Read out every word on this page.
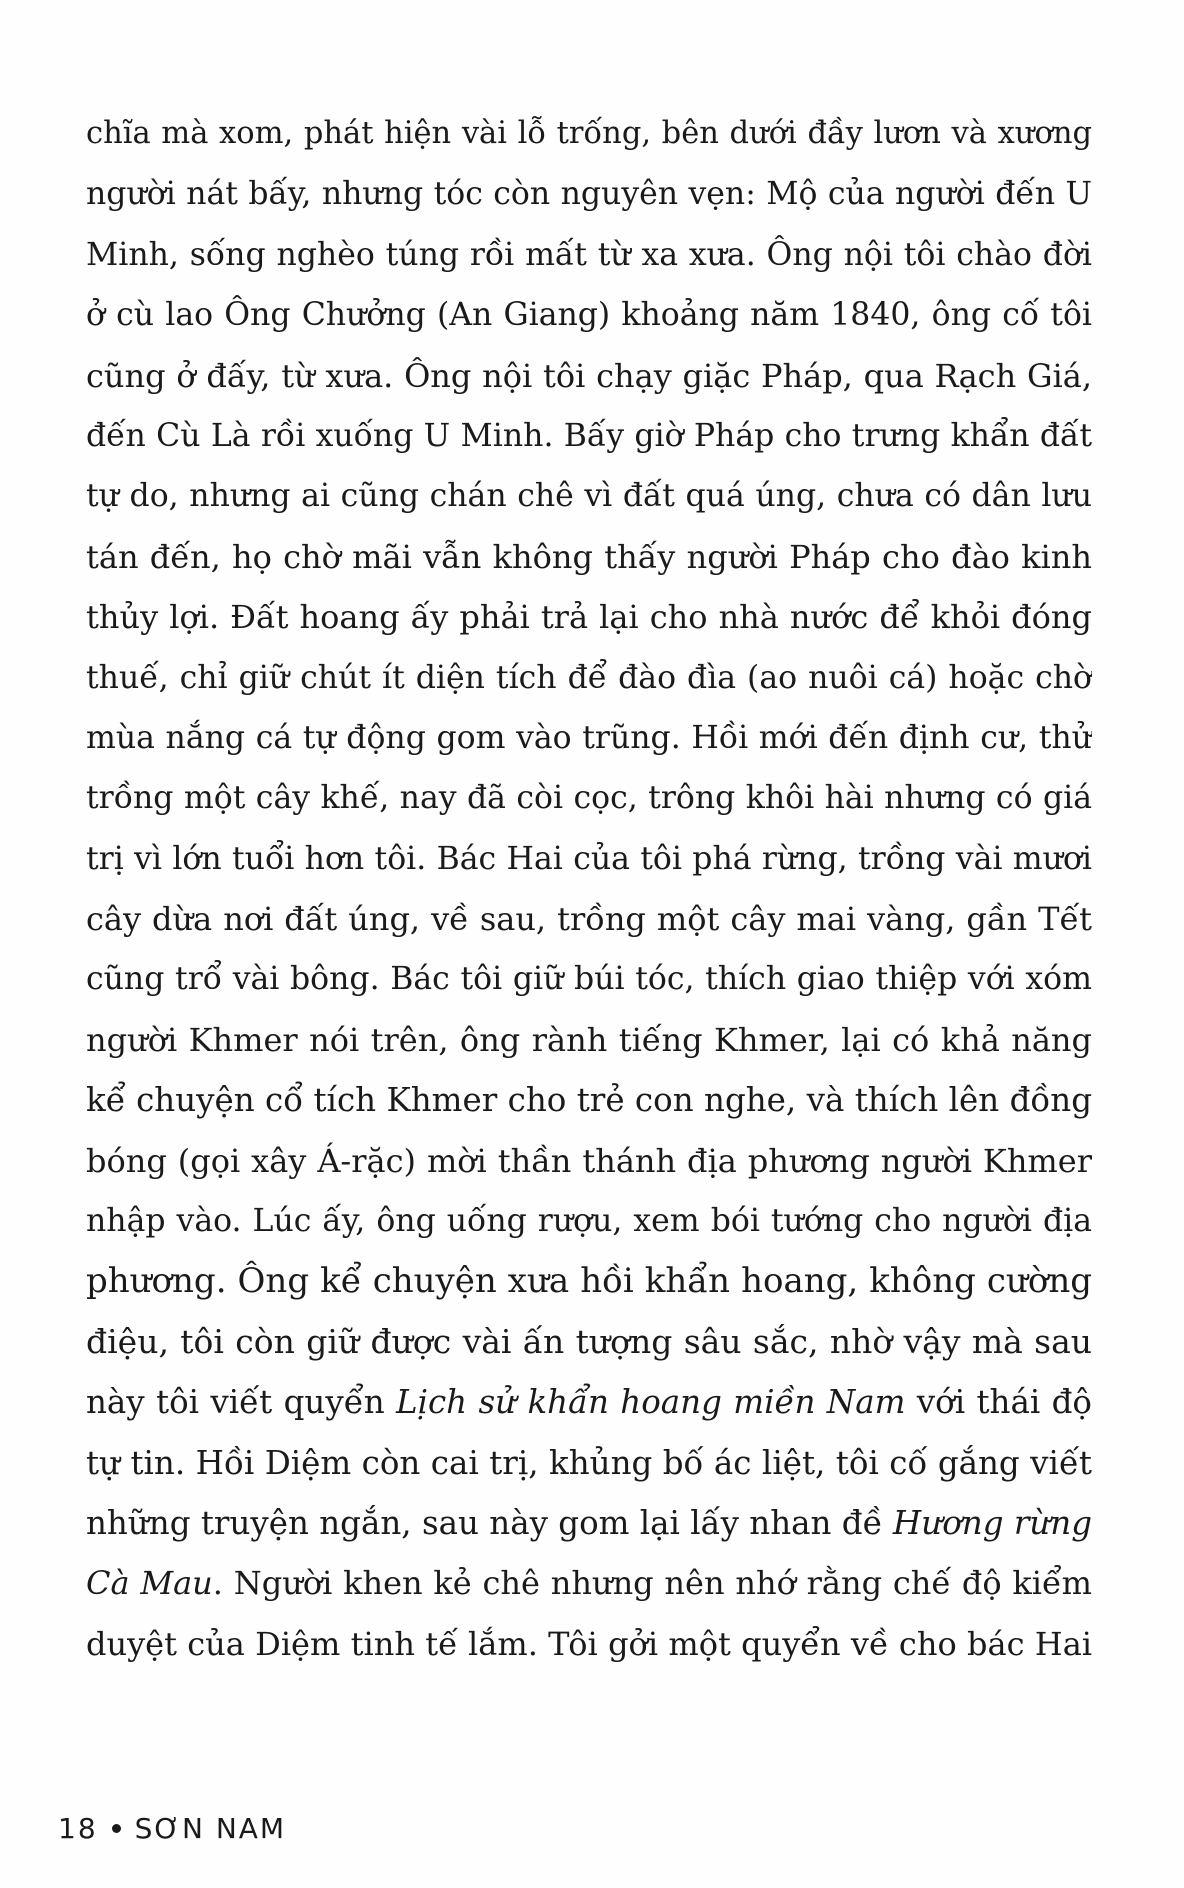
chĩa mà xom, phát hiện vài lỗ trống, bên dưới đầy lươn và xương
người nát bấy, nhưng tóc còn nguyên vẹn: Mộ của người đến U
Minh, sống nghèo túng rồi mất từ xa xưa. Ông nội tôi chào đời
ở cù lao Ông Chưởng (An Giang) khoảng năm 1840, ông cố tôi
cũng ở đấy, từ xưa. Ông nội tôi chạy giặc Pháp, qua Rạch Giá,
đến Cù Là rồi xuống U Minh. Bấy giờ Pháp cho trưng khẩn đất
tự do, nhưng ai cũng chán chê vì đất quá úng, chưa có dân lưu
tán đến, họ chờ mãi vẫn không thấy người Pháp cho đào kinh
thủy lợi. Đất hoang ấy phải trả lại cho nhà nước để khỏi đóng
thuế, chỉ giữ chút ít diện tích để đào đìa (ao nuôi cá) hoặc chờ
mùa nắng cá tự động gom vào trũng. Hồi mới đến định cư, thử
trồng một cây khế, nay đã còi cọc, trông khôi hài nhưng có giá
trị vì lớn tuổi hơn tôi. Bác Hai của tôi phá rừng, trồng vài mươi
cây dừa nơi đất úng, về sau, trồng một cây mai vàng, gần Tết
cũng trổ vài bông. Bác tôi giữ búi tóc, thích giao thiệp với xóm
người Khmer nói trên, ông rành tiếng Khmer, lại có khả năng
kể chuyện cổ tích Khmer cho trẻ con nghe, và thích lên đồng
bóng (gọi xây Á-rặc) mời thần thánh địa phương người Khmer
nhập vào. Lúc ấy, ông uống rượu, xem bói tướng cho người địa
phương. Ông kể chuyện xưa hồi khẩn hoang, không cường
điệu, tôi còn giữ được vài ấn tượng sâu sắc, nhờ vậy mà sau
này tôi viết quyển Lịch sử khẩn hoang miền Nam với thái độ
tự tin. Hồi Diệm còn cai trị, khủng bố ác liệt, tôi cố gắng viết
những truyện ngắn, sau này gom lại lấy nhan đề Hương rừng
Cà Mau. Người khen kẻ chê nhưng nên nhớ rằng chế độ kiểm
duyệt của Diệm tinh tế lắm. Tôi gởi một quyển về cho bác Hai
18 SƠN NAM
